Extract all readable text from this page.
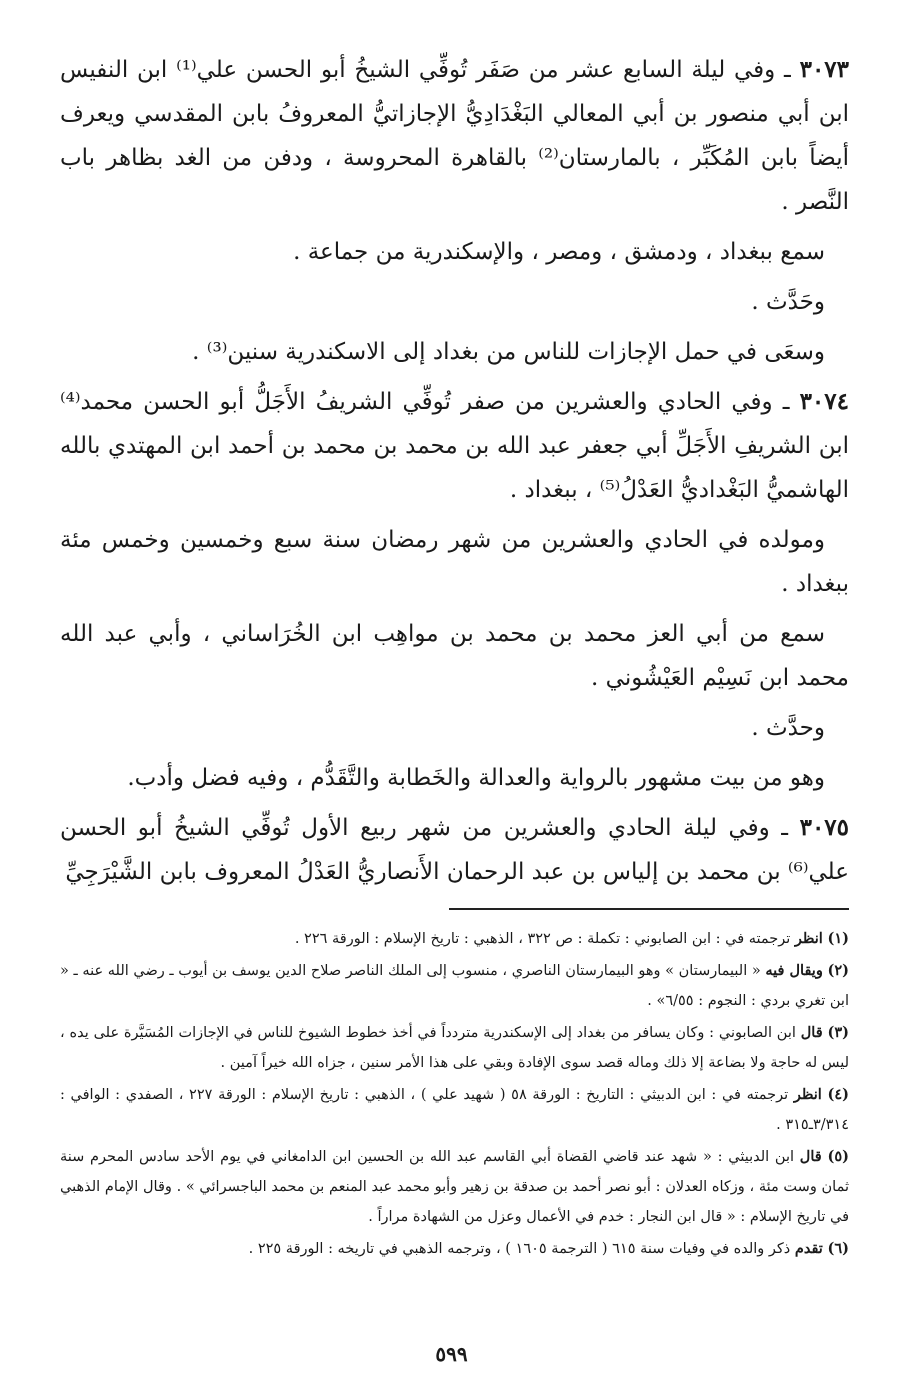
٣٠٧٣ ـ وفي ليلة السابع عشر من صَفَر تُوفِّي الشيخُ أبو الحسن علي⁽¹⁾ ابن النفيس ابن أبي منصور بن أبي المعالي البَغْدَادِيُّ الإجازاتيُّ المعروفُ بابن المقدسي ويعرف أيضاً بابن المُكَبِّر ، بالمارستان⁽²⁾ بالقاهرة المحروسة ، ودفن من الغد بظاهر باب النَّصر .

سمع ببغداد ، ودمشق ، ومصر ، والإسكندرية من جماعة .

وحَدَّث .

وسعَى في حمل الإجازات للناس من بغداد إلى الاسكندرية سنين⁽³⁾ .

٣٠٧٤ ـ وفي الحادي والعشرين من صفر تُوفِّي الشريفُ الأَجَلُّ أبو الحسن محمد⁽⁴⁾ ابن الشريفِ الأَجَلِّ أبي جعفر عبد الله بن محمد بن محمد بن أحمد ابن المهتدي بالله الهاشميُّ البَغْداديُّ العَدْلُ⁽⁵⁾ ، ببغداد .

ومولده في الحادي والعشرين من شهر رمضان سنة سبع وخمسين وخمس مئة ببغداد .

سمع من أبي العز محمد بن محمد بن مواهِب ابن الخُرَاساني ، وأبي عبد الله محمد ابن نَسِيْم العَيْشُوني .

وحدَّث .

وهو من بيت مشهور بالرواية والعدالة والخَطابة والتَّقَدُّم ، وفيه فضل وأدب.

٣٠٧٥ ـ وفي ليلة الحادي والعشرين من شهر ربيع الأول تُوفِّي الشيخُ أبو الحسن علي⁽⁶⁾ بن محمد بن إلياس بن عبد الرحمان الأَنصاريُّ العَدْلُ المعروف بابن الشَّيْرَجِيِّ

(١) انظر ترجمته في : ابن الصابوني : تكملة : ص ٣٢٢ ، الذهبي : تاريخ الإسلام : الورقة ٢٢٦ .

(٢) ويقال فيه « البيمارستان » وهو البيمارستان الناصري ، منسوب إلى الملك الناصر صلاح الدين يوسف بن أيوب ـ رضي الله عنه ـ « ابن تغري بردي : النجوم : ٦/٥٥» .

(٣) قال ابن الصابوني : وكان يسافر من بغداد إلى الإسكندرية متردداً في أخذ خطوط الشيوخ للناس في الإجازات المُسَيَّرة على يده ، ليس له حاجة ولا بضاعة إلا ذلك وماله قصد سوى الإفادة وبقي على هذا الأمر سنين ، جزاه الله خيراً آمين .

(٤) انظر ترجمته في : ابن الدبيثي : التاريخ : الورقة ٥٨ ( شهيد علي ) ، الذهبي : تاريخ الإسلام : الورقة ٢٢٧ ، الصفدي : الوافي : ٣/٣١٤ـ٣١٥ .

(٥) قال ابن الدبيثي : « شهد عند قاضي القضاة أبي القاسم عبد الله بن الحسين ابن الدامغاني في يوم الأحد سادس المحرم سنة ثمان وست مئة ، وزكاه العدلان : أبو نصر أحمد بن صدقة بن زهير وأبو محمد عبد المنعم بن محمد الباجسرائي » . وقال الإمام الذهبي في تاريخ الإسلام : « قال ابن النجار : خدم في الأعمال وعزل من الشهادة مراراً .

(٦) تقدم ذكر والده في وفيات سنة ٦١٥ ( الترجمة ١٦٠٥ ) ، وترجمه الذهبي في تاريخه : الورقة ٢٢٥ .

٥٩٩
